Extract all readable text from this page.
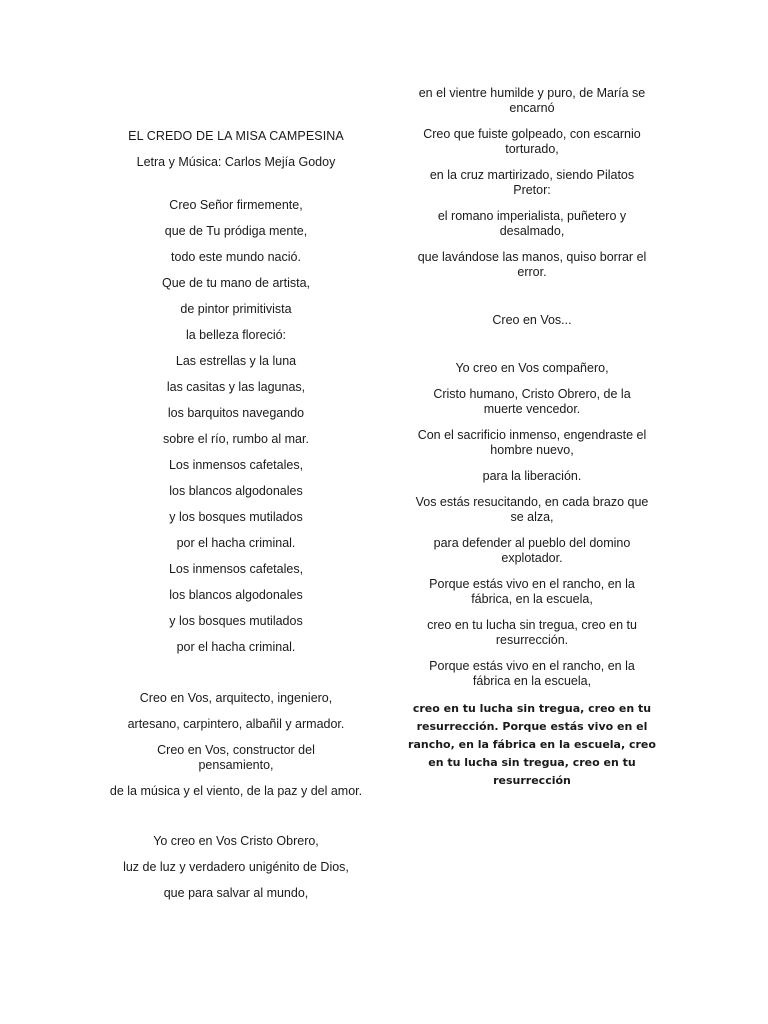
EL CREDO DE LA MISA CAMPESINA

Letra y Música: Carlos Mejía Godoy

Creo Señor firmemente,

que de Tu pródiga mente,

todo este mundo nació.

Que de tu mano de artista,

de pintor primitivista

la belleza floreció:

Las estrellas y la luna

las casitas y las lagunas,

los barquitos navegando

sobre el río, rumbo al mar.

Los inmensos cafetales,

los blancos algodonales

y los bosques mutilados

por el hacha criminal.

Los inmensos cafetales,

los blancos algodonales

y los bosques mutilados

por el hacha criminal.

Creo en Vos, arquitecto, ingeniero,

artesano, carpintero, albañil y armador.

Creo en Vos, constructor del pensamiento,

de la música y el viento, de la paz y del amor.

Yo creo en Vos Cristo Obrero,

luz de luz y verdadero unigénito de Dios,

que para salvar al mundo,

en el vientre humilde y puro, de María se encarnó

Creo que fuiste golpeado, con escarnio torturado,

en la cruz martirizado, siendo Pilatos Pretor:

el romano imperialista, puñetero y desalmado,

que lavándose las manos, quiso borrar el error.

Creo en Vos...

Yo creo en Vos compañero,

Cristo humano, Cristo Obrero, de la muerte vencedor.

Con el sacrificio inmenso, engendraste el hombre nuevo,

para la liberación.

Vos estás resucitando, en cada brazo que se alza,

para defender al pueblo del domino explotador.

Porque estás vivo en el rancho, en la fábrica, en la escuela,

creo en tu lucha sin tregua, creo en tu resurrección.

Porque estás vivo en el rancho, en la fábrica en la escuela,

creo en tu lucha sin tregua, creo en tu resurrección. Porque estás vivo en el rancho, en la fábrica en la escuela, creo en tu lucha sin tregua, creo en tu resurrección
